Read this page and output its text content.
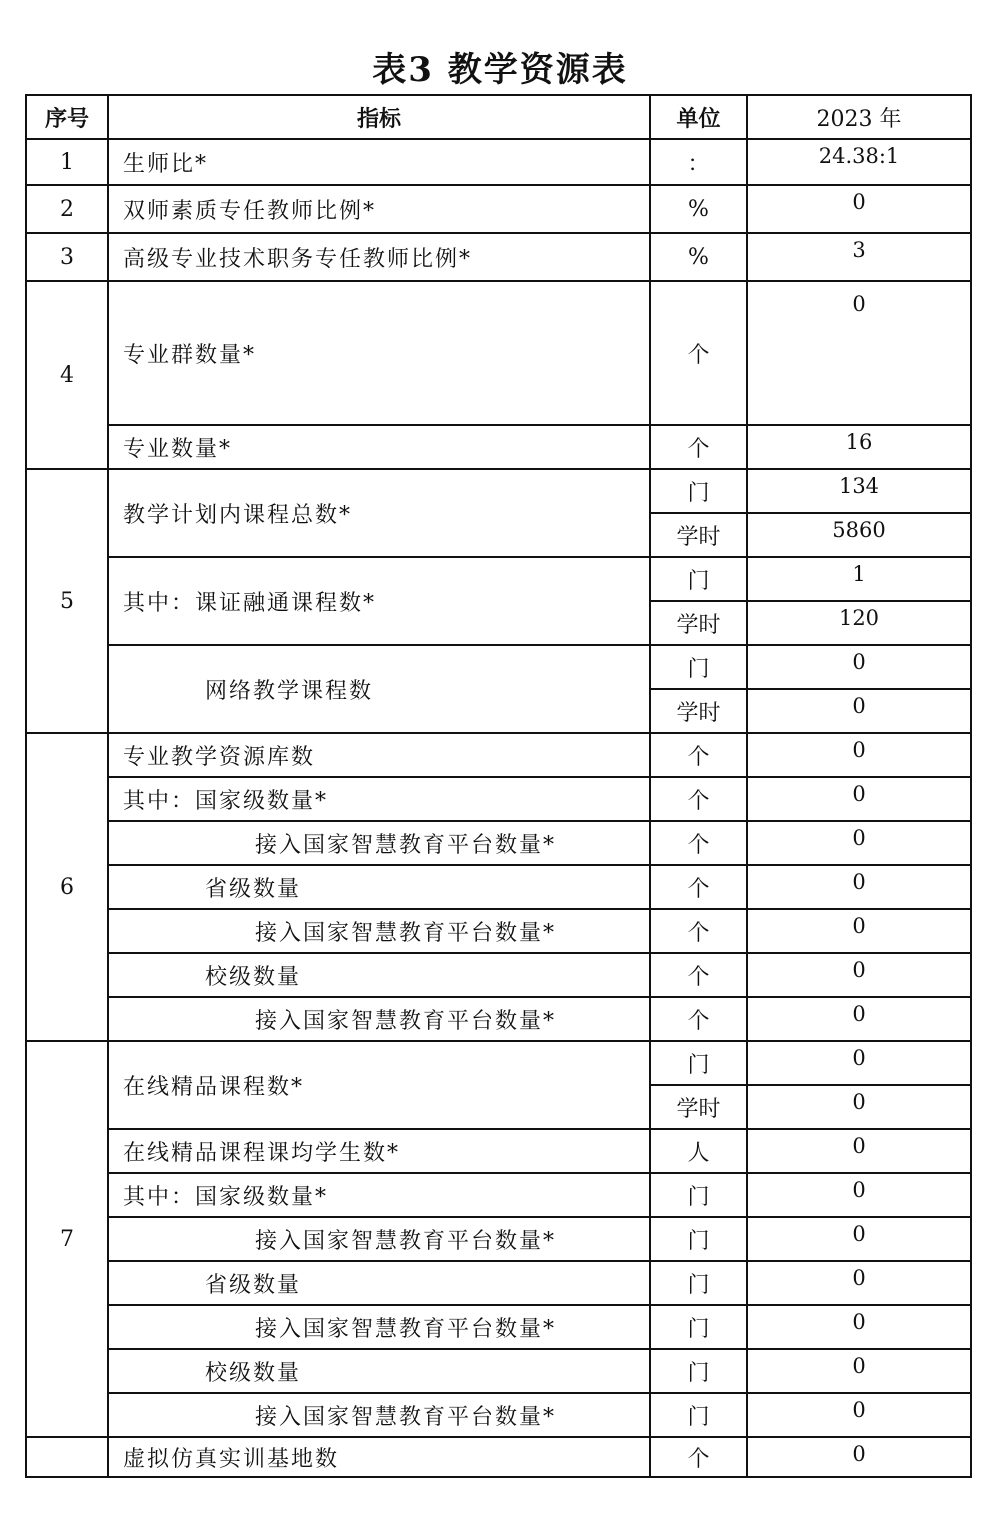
表3 教学资源表
序号	指标	单位	2023 年
1	生师比*	：	24.38:1
2	双师素质专任教师比例*	%	0
3	高级专业技术职务专任教师比例*	%	3
4	专业群数量*	个	0
	专业数量*	个	16
5	教学计划内课程总数*	门	134
		学时	5860
	其中：课证融通课程数*	门	1
		学时	120
	网络教学课程数	门	0
		学时	0
6	专业教学资源库数	个	0
	其中：国家级数量*	个	0
	接入国家智慧教育平台数量*	个	0
	省级数量	个	0
	接入国家智慧教育平台数量*	个	0
	校级数量	个	0
	接入国家智慧教育平台数量*	个	0
7	在线精品课程数*	门	0
		学时	0
	在线精品课程课均学生数*	人	0
	其中：国家级数量*	门	0
	接入国家智慧教育平台数量*	门	0
	省级数量	门	0
	接入国家智慧教育平台数量*	门	0
	校级数量	门	0
	接入国家智慧教育平台数量*	门	0
	虚拟仿真实训基地数	个	0
